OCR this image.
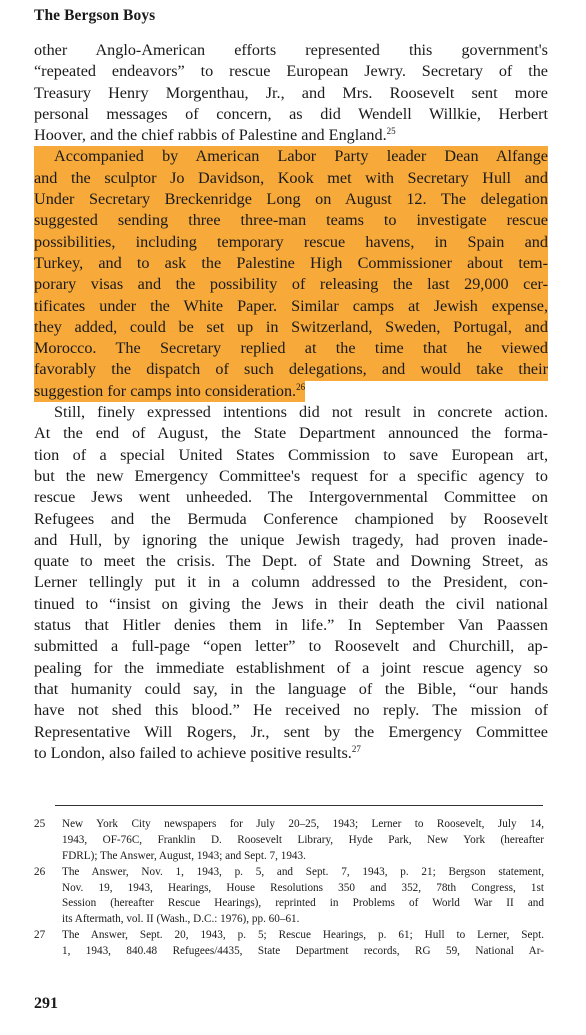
The Bergson Boys
other Anglo-American efforts represented this government's
“repeated endeavors” to rescue European Jewry. Secretary of the
Treasury Henry Morgenthau, Jr., and Mrs. Roosevelt sent more
personal messages of concern, as did Wendell Willkie, Herbert
Hoover, and the chief rabbis of Palestine and England.$^{25}$
Accompanied by American Labor Party leader Dean Alfange
and the sculptor Jo Davidson, Kook met with Secretary Hull and
Under Secretary Breckenridge Long on August 12. The delegation
suggested sending three three-man teams to investigate rescue
possibilities, including temporary rescue havens, in Spain and
Turkey, and to ask the Palestine High Commissioner about tem-
porary visas and the possibility of releasing the last 29,000 cer-
tificates under the White Paper. Similar camps at Jewish expense,
they added, could be set up in Switzerland, Sweden, Portugal, and
Morocco. The Secretary replied at the time that he viewed
favorably the dispatch of such delegations, and would take their
suggestion for camps into consideration.$^{26}$
Still, finely expressed intentions did not result in concrete action.
At the end of August, the State Department announced the forma-
tion of a special United States Commission to save European art,
but the new Emergency Committee's request for a specific agency to
rescue Jews went unheeded. The Intergovernmental Committee on
Refugees and the Bermuda Conference championed by Roosevelt
and Hull, by ignoring the unique Jewish tragedy, had proven inade-
quate to meet the crisis. The Dept. of State and Downing Street, as
Lerner tellingly put it in a column addressed to the President, con-
tinued to “insist on giving the Jews in their death the civil national
status that Hitler denies them in life.” In September Van Paassen
submitted a full-page “open letter” to Roosevelt and Churchill, ap-
pealing for the immediate establishment of a joint rescue agency so
that humanity could say, in the language of the Bible, “our hands
have not shed this blood.” He received no reply. The mission of
Representative Will Rogers, Jr., sent by the Emergency Committee
to London, also failed to achieve positive results.$^{27}$
25 New York City newspapers for July 20–25, 1943; Lerner to Roosevelt, July 14,
1943, OF-76C, Franklin D. Roosevelt Library, Hyde Park, New York (hereafter
FDRL); The Answer, August, 1943; and Sept. 7, 1943.
26 The Answer, Nov. 1, 1943, p. 5, and Sept. 7, 1943, p. 21; Bergson statement,
Nov. 19, 1943, Hearings, House Resolutions 350 and 352, 78th Congress, 1st
Session (hereafter Rescue Hearings), reprinted in Problems of World War II and
its Aftermath, vol. II (Wash., D.C.: 1976), pp. 60–61.
27 The Answer, Sept. 20, 1943, p. 5; Rescue Hearings, p. 61; Hull to Lerner, Sept.
1, 1943, 840.48 Refugees/4435, State Department records, RG 59, National Ar-
291
